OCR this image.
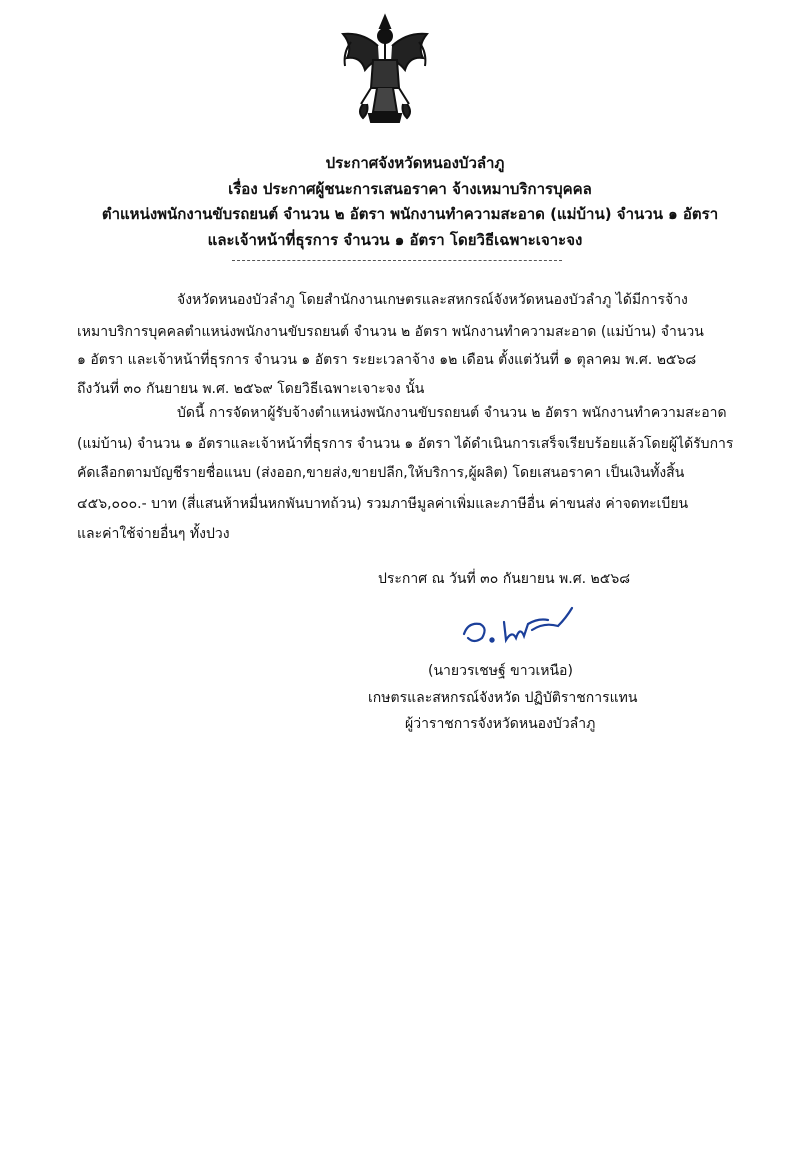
ประกาศจังหวัดหนองบัวลำภู
เรื่อง ประกาศผู้ชนะการเสนอราคา จ้างเหมาบริการบุคคล
ตำแหน่งพนักงานขับรถยนต์ จำนวน ๒ อัตรา พนักงานทำความสะอาด (แม่บ้าน) จำนวน ๑ อัตรา
และเจ้าหน้าที่ธุรการ จำนวน ๑ อัตรา โดยวิธีเฉพาะเจาะจง
จังหวัดหนองบัวลำภู โดยสำนักงานเกษตรและสหกรณ์จังหวัดหนองบัวลำภู ได้มีการจ้าง
เหมาบริการบุคคลตำแหน่งพนักงานขับรถยนต์ จำนวน ๒ อัตรา พนักงานทำความสะอาด (แม่บ้าน) จำนวน
๑ อัตรา และเจ้าหน้าที่ธุรการ จำนวน ๑ อัตรา ระยะเวลาจ้าง ๑๒ เดือน ตั้งแต่วันที่ ๑ ตุลาคม พ.ศ. ๒๕๖๘
ถึงวันที่ ๓๐ กันยายน พ.ศ. ๒๕๖๙ โดยวิธีเฉพาะเจาะจง นั้น
บัดนี้ การจัดหาผู้รับจ้างตำแหน่งพนักงานขับรถยนต์ จำนวน ๒ อัตรา พนักงานทำความสะอาด
(แม่บ้าน) จำนวน ๑ อัตราและเจ้าหน้าที่ธุรการ จำนวน ๑ อัตรา ได้ดำเนินการเสร็จเรียบร้อยแล้วโดยผู้ได้รับการ
คัดเลือกตามบัญชีรายชื่อแนบ (ส่งออก,ขายส่ง,ขายปลีก,ให้บริการ,ผู้ผลิต) โดยเสนอราคา เป็นเงินทั้งสิ้น
๔๕๖,๐๐๐.- บาท (สี่แสนห้าหมื่นหกพันบาทถ้วน) รวมภาษีมูลค่าเพิ่มและภาษีอื่น ค่าขนส่ง ค่าจดทะเบียน
และค่าใช้จ่ายอื่นๆ ทั้งปวง
ประกาศ ณ วันที่ ๓๐ กันยายน พ.ศ. ๒๕๖๘
(นายวรเชษฐ์ ขาวเหนือ)
เกษตรและสหกรณ์จังหวัด ปฏิบัติราชการแทน
ผู้ว่าราชการจังหวัดหนองบัวลำภู
